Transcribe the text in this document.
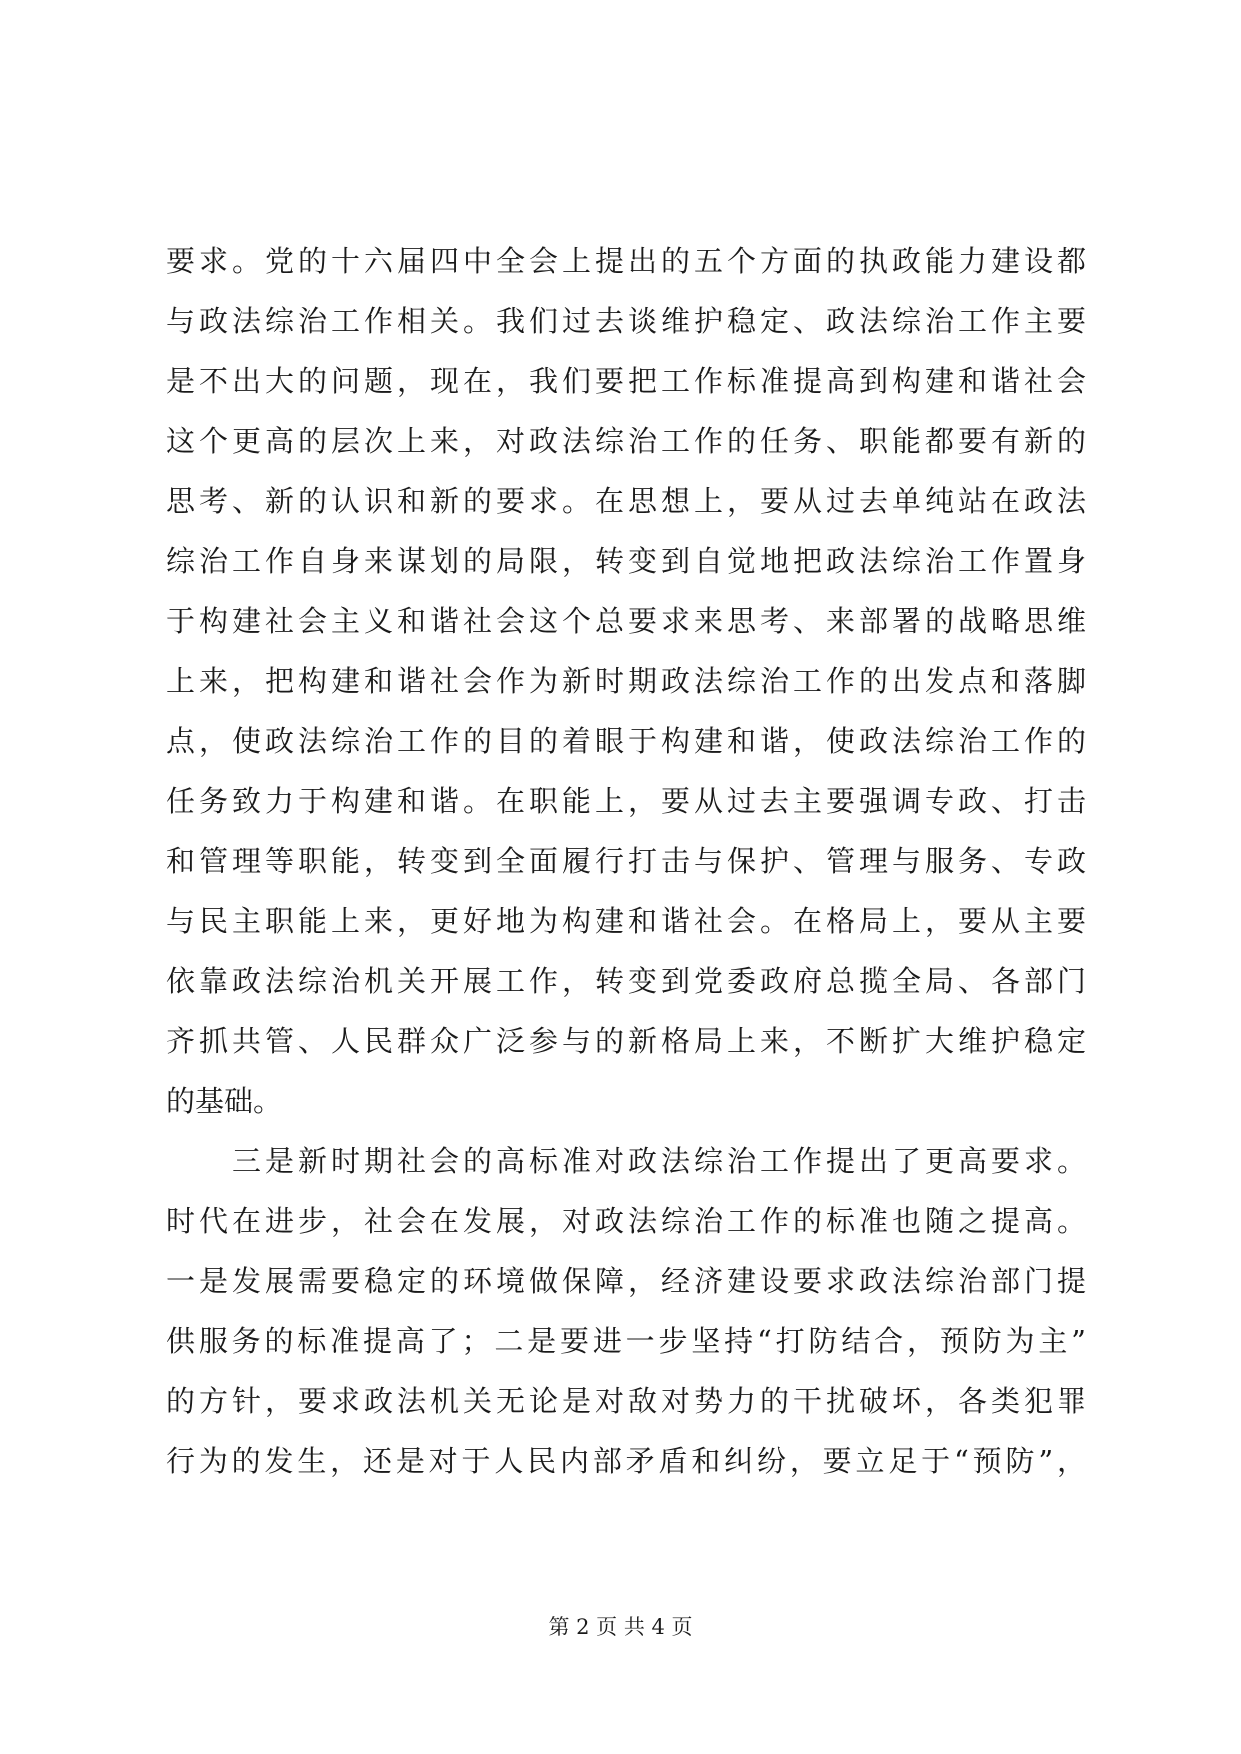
要求。党的十六届四中全会上提出的五个方面的执政能力建设都
与政法综治工作相关。我们过去谈维护稳定、政法综治工作主要
是不出大的问题，现在，我们要把工作标准提高到构建和谐社会
这个更高的层次上来，对政法综治工作的任务、职能都要有新的
思考、新的认识和新的要求。在思想上，要从过去单纯站在政法
综治工作自身来谋划的局限，转变到自觉地把政法综治工作置身
于构建社会主义和谐社会这个总要求来思考、来部署的战略思维
上来，把构建和谐社会作为新时期政法综治工作的出发点和落脚
点，使政法综治工作的目的着眼于构建和谐，使政法综治工作的
任务致力于构建和谐。在职能上，要从过去主要强调专政、打击
和管理等职能，转变到全面履行打击与保护、管理与服务、专政
与民主职能上来，更好地为构建和谐社会。在格局上，要从主要
依靠政法综治机关开展工作，转变到党委政府总揽全局、各部门
齐抓共管、人民群众广泛参与的新格局上来，不断扩大维护稳定
的基础。
三是新时期社会的高标准对政法综治工作提出了更高要求。
时代在进步，社会在发展，对政法综治工作的标准也随之提高。
一是发展需要稳定的环境做保障，经济建设要求政法综治部门提
供服务的标准提高了；二是要进一步坚持“打防结合，预防为主”
的方针，要求政法机关无论是对敌对势力的干扰破坏，各类犯罪
行为的发生，还是对于人民内部矛盾和纠纷，要立足于“预防”，
第 2 页 共 4 页
